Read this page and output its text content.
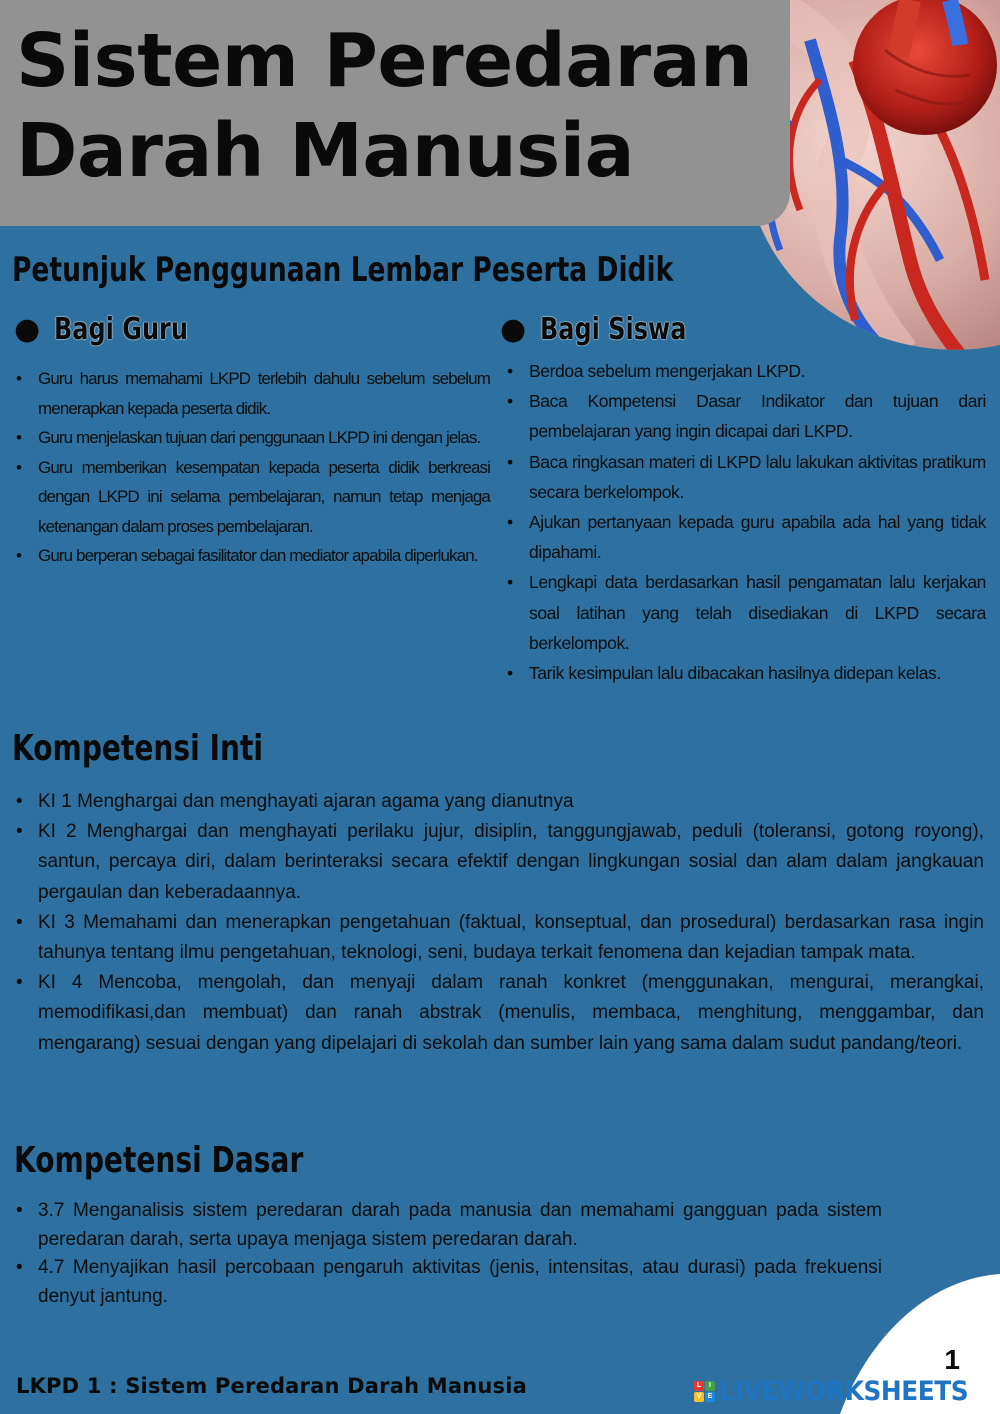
Sistem Peredaran
Darah Manusia
Petunjuk Penggunaan Lembar Peserta Didik
● Bagi Guru	● Bagi Siswa
• Guru harus memahami LKPD terlebih dahulu sebelum sebelum menerapkan kepada peserta didik.
• Guru menjelaskan tujuan dari penggunaan LKPD ini dengan jelas.
• Guru memberikan kesempatan kepada peserta didik berkreasi dengan LKPD ini selama pembelajaran, namun tetap menjaga ketenangan dalam proses pembelajaran.
• Guru berperan sebagai fasilitator dan mediator apabila diperlukan.
• Berdoa sebelum mengerjakan LKPD.
• Baca Kompetensi Dasar Indikator dan tujuan dari pembelajaran yang ingin dicapai dari LKPD.
• Baca ringkasan materi di LKPD lalu lakukan aktivitas pratikum secara berkelompok.
• Ajukan pertanyaan kepada guru apabila ada hal yang tidak dipahami.
• Lengkapi data berdasarkan hasil pengamatan lalu kerjakan soal latihan yang telah disediakan di LKPD secara berkelompok.
• Tarik kesimpulan lalu dibacakan hasilnya didepan kelas.
Kompetensi Inti
• KI 1 Menghargai dan menghayati ajaran agama yang dianutnya
• KI 2 Menghargai dan menghayati perilaku jujur, disiplin, tanggungjawab, peduli (toleransi, gotong royong), santun, percaya diri, dalam berinteraksi secara efektif dengan lingkungan sosial dan alam dalam jangkauan pergaulan dan keberadaannya.
• KI 3 Memahami dan menerapkan pengetahuan (faktual, konseptual, dan prosedural) berdasarkan rasa ingin tahunya tentang ilmu pengetahuan, teknologi, seni, budaya terkait fenomena dan kejadian tampak mata.
• KI 4 Mencoba, mengolah, dan menyaji dalam ranah konkret (menggunakan, mengurai, merangkai, memodifikasi,dan membuat) dan ranah abstrak (menulis, membaca, menghitung, menggambar, dan mengarang) sesuai dengan yang dipelajari di sekolah dan sumber lain yang sama dalam sudut pandang/teori.
Kompetensi Dasar
• 3.7 Menganalisis sistem peredaran darah pada manusia dan memahami gangguan pada sistem peredaran darah, serta upaya menjaga sistem peredaran darah.
• 4.7 Menyajikan hasil percobaan pengaruh aktivitas (jenis, intensitas, atau durasi) pada frekuensi denyut jantung.
1
LKPD 1 : Sistem Peredaran Darah Manusia	L	I
V E LIVEWORKSHEETS
